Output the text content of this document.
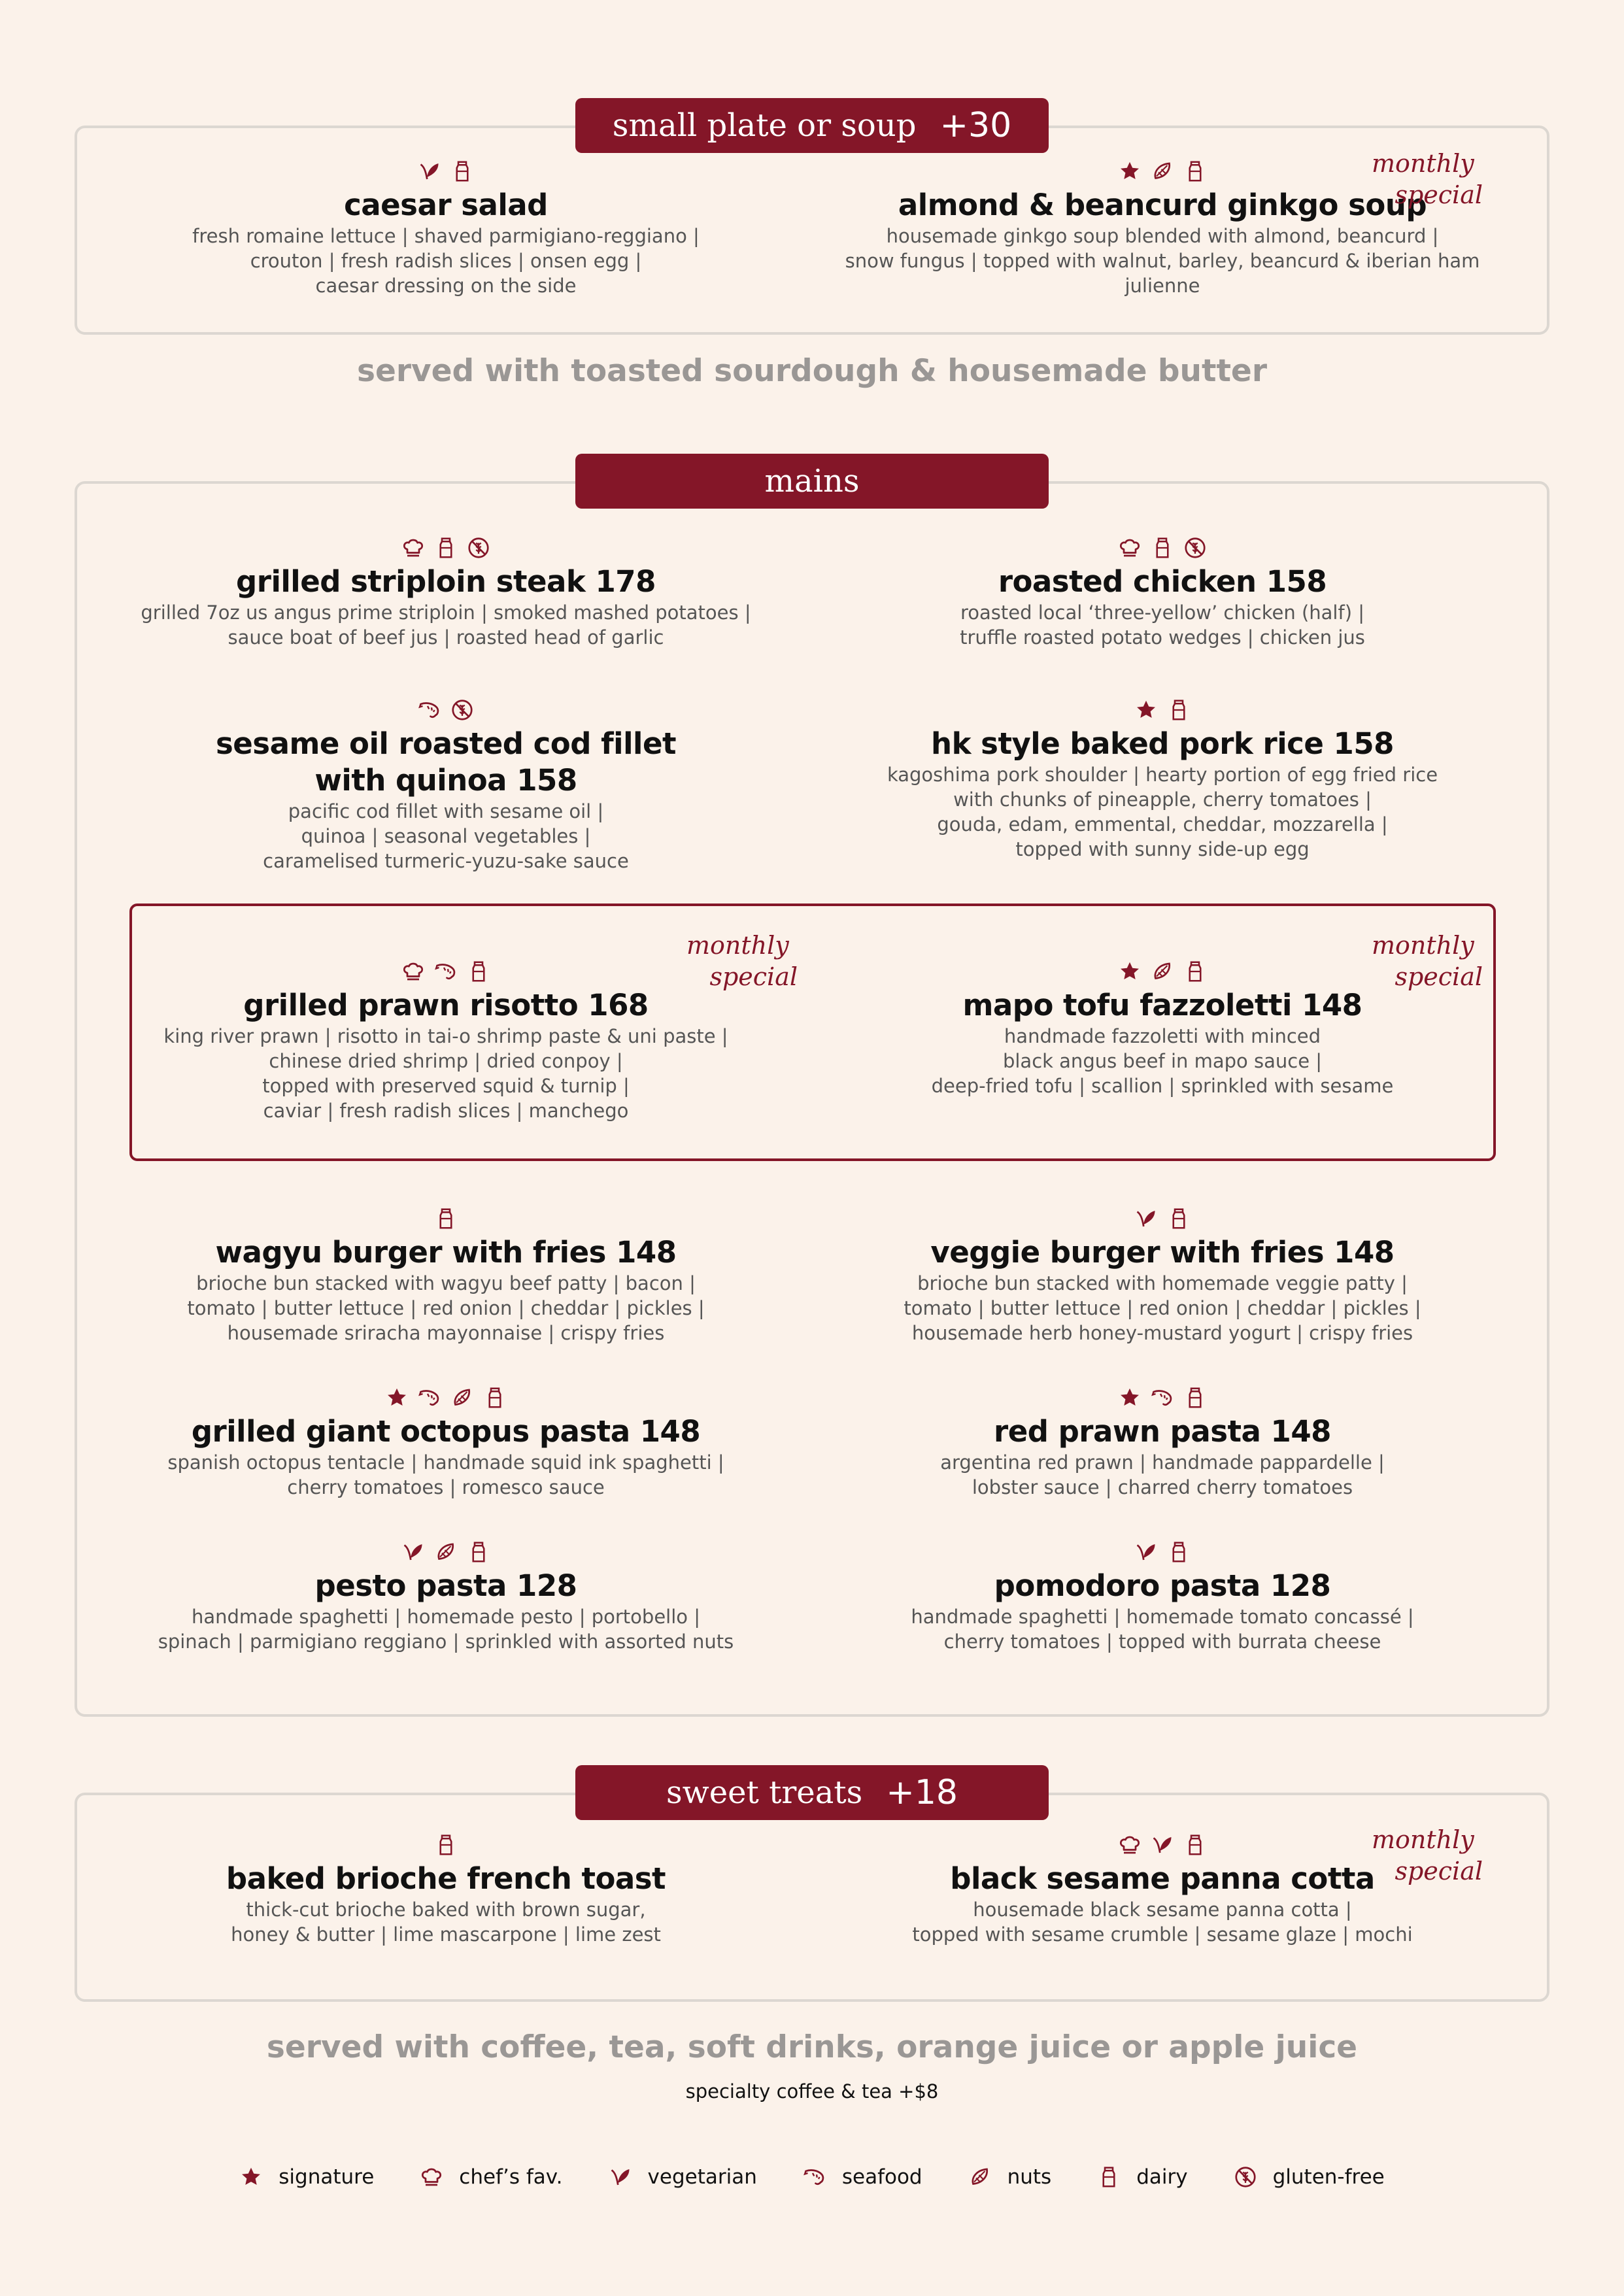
small plate or soup +30
caesar salad
fresh romaine lettuce | shaved parmigiano-reggiano |
crouton | fresh radish slices | onsen egg |
caesar dressing on the side
almond & beancurd ginkgo soup
housemade ginkgo soup blended with almond, beancurd |
snow fungus | topped with walnut, barley, beancurd & iberian ham julienne
monthly
special
served with toasted sourdough & housemade butter
mains
grilled striploin steak 178
grilled 7oz us angus prime striploin | smoked mashed potatoes |
sauce boat of beef jus | roasted head of garlic
roasted chicken 158
roasted local ‘three-yellow’ chicken (half) |
truffle roasted potato wedges | chicken jus
sesame oil roasted cod fillet
with quinoa 158
pacific cod fillet with sesame oil |
quinoa | seasonal vegetables |
caramelised turmeric-yuzu-sake sauce
hk style baked pork rice 158
kagoshima pork shoulder | hearty portion of egg fried rice
with chunks of pineapple, cherry tomatoes |
gouda, edam, emmental, cheddar, mozzarella |
topped with sunny side-up egg
grilled prawn risotto 168
king river prawn | risotto in tai-o shrimp paste & uni paste |
chinese dried shrimp | dried conpoy |
topped with preserved squid & turnip |
caviar | fresh radish slices | manchego
monthly
special
mapo tofu fazzoletti 148
handmade fazzoletti with minced
black angus beef in mapo sauce |
deep-fried tofu | scallion | sprinkled with sesame
monthly
special
wagyu burger with fries 148
brioche bun stacked with wagyu beef patty | bacon |
tomato | butter lettuce | red onion | cheddar | pickles |
housemade sriracha mayonnaise | crispy fries
veggie burger with fries 148
brioche bun stacked with homemade veggie patty |
tomato | butter lettuce | red onion | cheddar | pickles |
housemade herb honey-mustard yogurt | crispy fries
grilled giant octopus pasta 148
spanish octopus tentacle | handmade squid ink spaghetti |
cherry tomatoes | romesco sauce
red prawn pasta 148
argentina red prawn | handmade pappardelle |
lobster sauce | charred cherry tomatoes
pesto pasta 128
handmade spaghetti | homemade pesto | portobello |
spinach | parmigiano reggiano | sprinkled with assorted nuts
pomodoro pasta 128
handmade spaghetti | homemade tomato concassé |
cherry tomatoes | topped with burrata cheese
sweet treats +18
baked brioche french toast
thick-cut brioche baked with brown sugar,
honey & butter | lime mascarpone | lime zest
black sesame panna cotta
housemade black sesame panna cotta |
topped with sesame crumble | sesame glaze | mochi
monthly
special
served with coffee, tea, soft drinks, orange juice or apple juice
specialty coffee & tea +$8
signature	chef’s fav.	vegetarian	seafood	nuts	dairy	gluten-free
